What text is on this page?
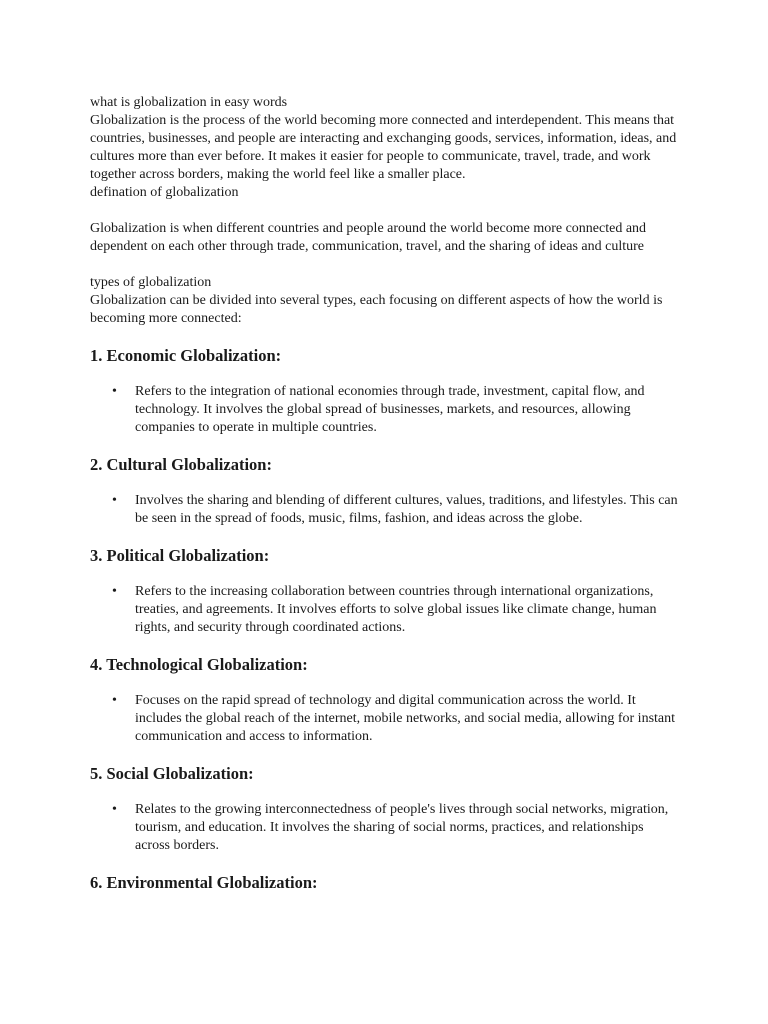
what is globalization in easy words

Globalization is the process of the world becoming more connected and interdependent. This means that countries, businesses, and people are interacting and exchanging goods, services, information, ideas, and cultures more than ever before. It makes it easier for people to communicate, travel, trade, and work together across borders, making the world feel like a smaller place.

defination of globalization

Globalization is when different countries and people around the world become more connected and dependent on each other through trade, communication, travel, and the sharing of ideas and culture

types of globalization

Globalization can be divided into several types, each focusing on different aspects of how the world is becoming more connected:

1. Economic Globalization:
• Refers to the integration of national economies through trade, investment, capital flow, and technology. It involves the global spread of businesses, markets, and resources, allowing companies to operate in multiple countries.
2. Cultural Globalization:
• Involves the sharing and blending of different cultures, values, traditions, and lifestyles. This can be seen in the spread of foods, music, films, fashion, and ideas across the globe.
3. Political Globalization:
• Refers to the increasing collaboration between countries through international organizations, treaties, and agreements. It involves efforts to solve global issues like climate change, human rights, and security through coordinated actions.
4. Technological Globalization:
• Focuses on the rapid spread of technology and digital communication across the world. It includes the global reach of the internet, mobile networks, and social media, allowing for instant communication and access to information.
5. Social Globalization:
• Relates to the growing interconnectedness of people's lives through social networks, migration, tourism, and education. It involves the sharing of social norms, practices, and relationships across borders.
6. Environmental Globalization:
